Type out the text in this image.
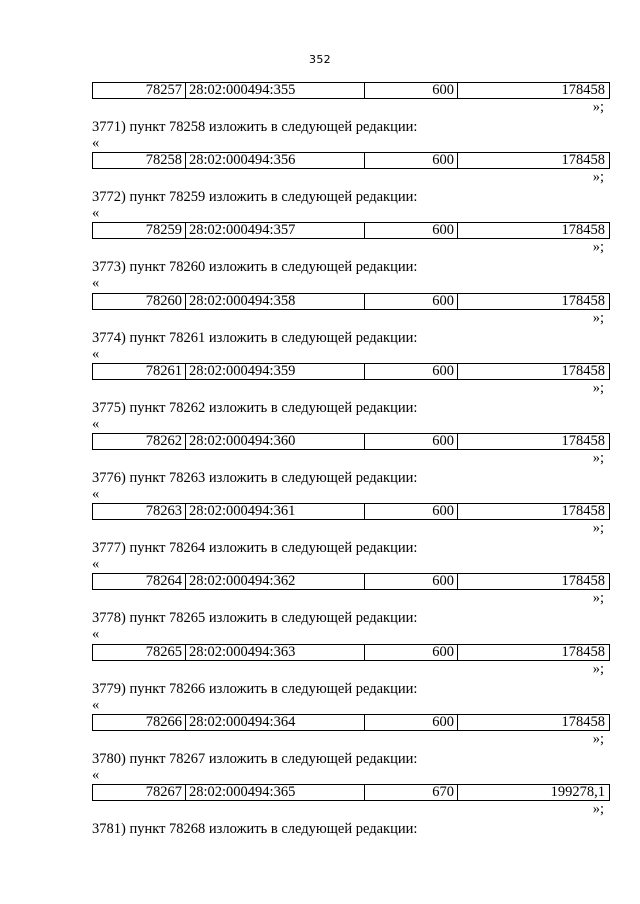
352
78257 28:02:000494:355	600	178458
»;
3771) пункт 78258 изложить в следующей редакции:
«
78258 28:02:000494:356	600	178458
»;
3772) пункт 78259 изложить в следующей редакции:
«
78259 28:02:000494:357	600	178458
»;
3773) пункт 78260 изложить в следующей редакции:
«
78260 28:02:000494:358	600	178458
»;
3774) пункт 78261 изложить в следующей редакции:
«
78261 28:02:000494:359	600	178458
»;
3775) пункт 78262 изложить в следующей редакции:
«
78262 28:02:000494:360	600	178458
»;
3776) пункт 78263 изложить в следующей редакции:
«
78263 28:02:000494:361	600	178458
»;
3777) пункт 78264 изложить в следующей редакции:
«
78264 28:02:000494:362	600	178458
»;
3778) пункт 78265 изложить в следующей редакции:
«
78265 28:02:000494:363	600	178458
»;
3779) пункт 78266 изложить в следующей редакции:
«
78266 28:02:000494:364	600	178458
»;
3780) пункт 78267 изложить в следующей редакции:
«
78267 28:02:000494:365	670	199278,1
»;
3781) пункт 78268 изложить в следующей редакции:
